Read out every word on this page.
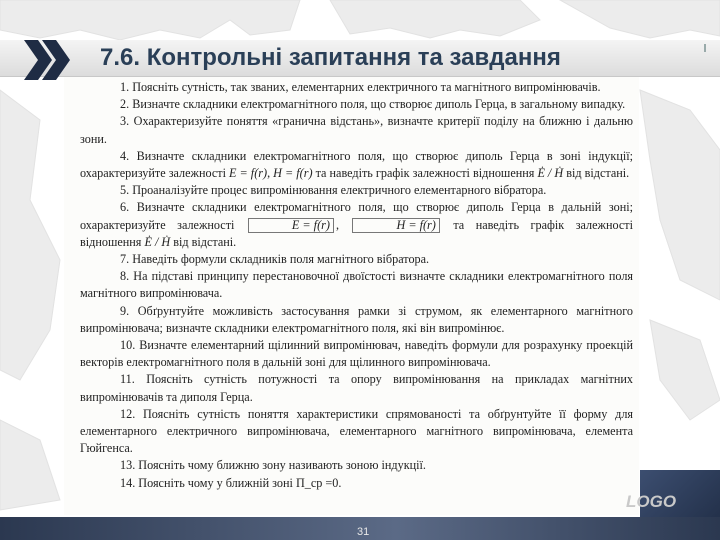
7.6. Контрольні запитання та завдання

1. Поясніть сутність, так званих, елементарних електричного та магнітного випромінювачів.

2. Визначте складники електромагнітного поля, що створює диполь Герца, в загальному випадку.

3. Охарактеризуйте поняття «гранична відстань», визначте критерії поділу на ближню і дальню зони.

4. Визначте складники електромагнітного поля, що створює диполь Герца в зоні індукції; охарактеризуйте залежності E = f(r), H = f(r) та наведіть графік залежності відношення Ė / Ḣ від відстані.

5. Проаналізуйте процес випромінювання електричного елементарного вібратора.

6. Визначте складники електромагнітного поля, що створює диполь Герца в дальній зоні; охарактеризуйте залежності	E = f(r) ,	H = f(r) та наведіть графік залежності відношення Ė / Ḣ від відстані.

7. Наведіть формули складників поля магнітного вібратора.

8. На підставі принципу перестановочної двоїстості визначте складники електромагнітного поля магнітного випромінювача.

9. Обґрунтуйте можливість застосування рамки зі струмом, як елементарного магнітного випромінювача; визначте складники електромагнітного поля, які він випромінює.

10. Визначте елементарний щілинний випромінювач, наведіть формули для розрахунку проекцій векторів електромагнітного поля в дальній зоні для щілинного випромінювача.

11. Поясніть сутність потужності та опору випромінювання на прикладах магнітних випромінювачів та диполя Герца.

12. Поясніть сутність поняття характеристики спрямованості та обґрунтуйте її форму для елементарного електричного випромінювача, елементарного магнітного випромінювача, елемента Гюйгенса.

13. Поясніть чому ближню зону називають зоною індукції.

14. Поясніть чому у ближній зоні Π_ср =0.

LOGO
31
